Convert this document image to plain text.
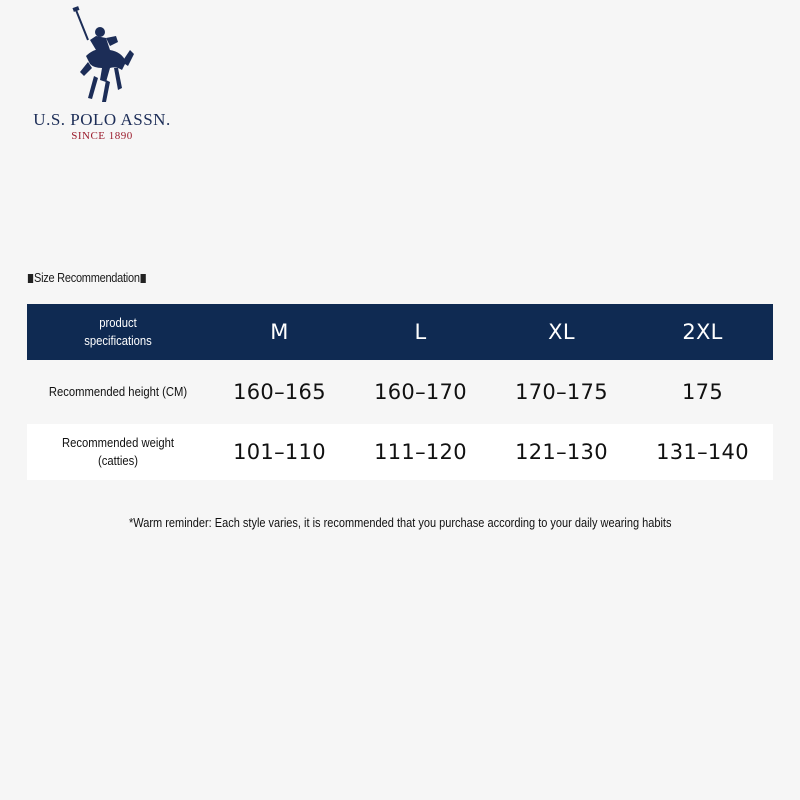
U.S. POLO ASSN.
SINCE 1890
Size Recommendation
product
specifications	M	L	XL	2XL
Recommended height (CM)	160–165	160–170	170–175	175
Recommended weight
(catties)	101–110	111–120	121–130	131–140
*Warm reminder: Each style varies, it is recommended that you purchase according to your daily wearing habits
